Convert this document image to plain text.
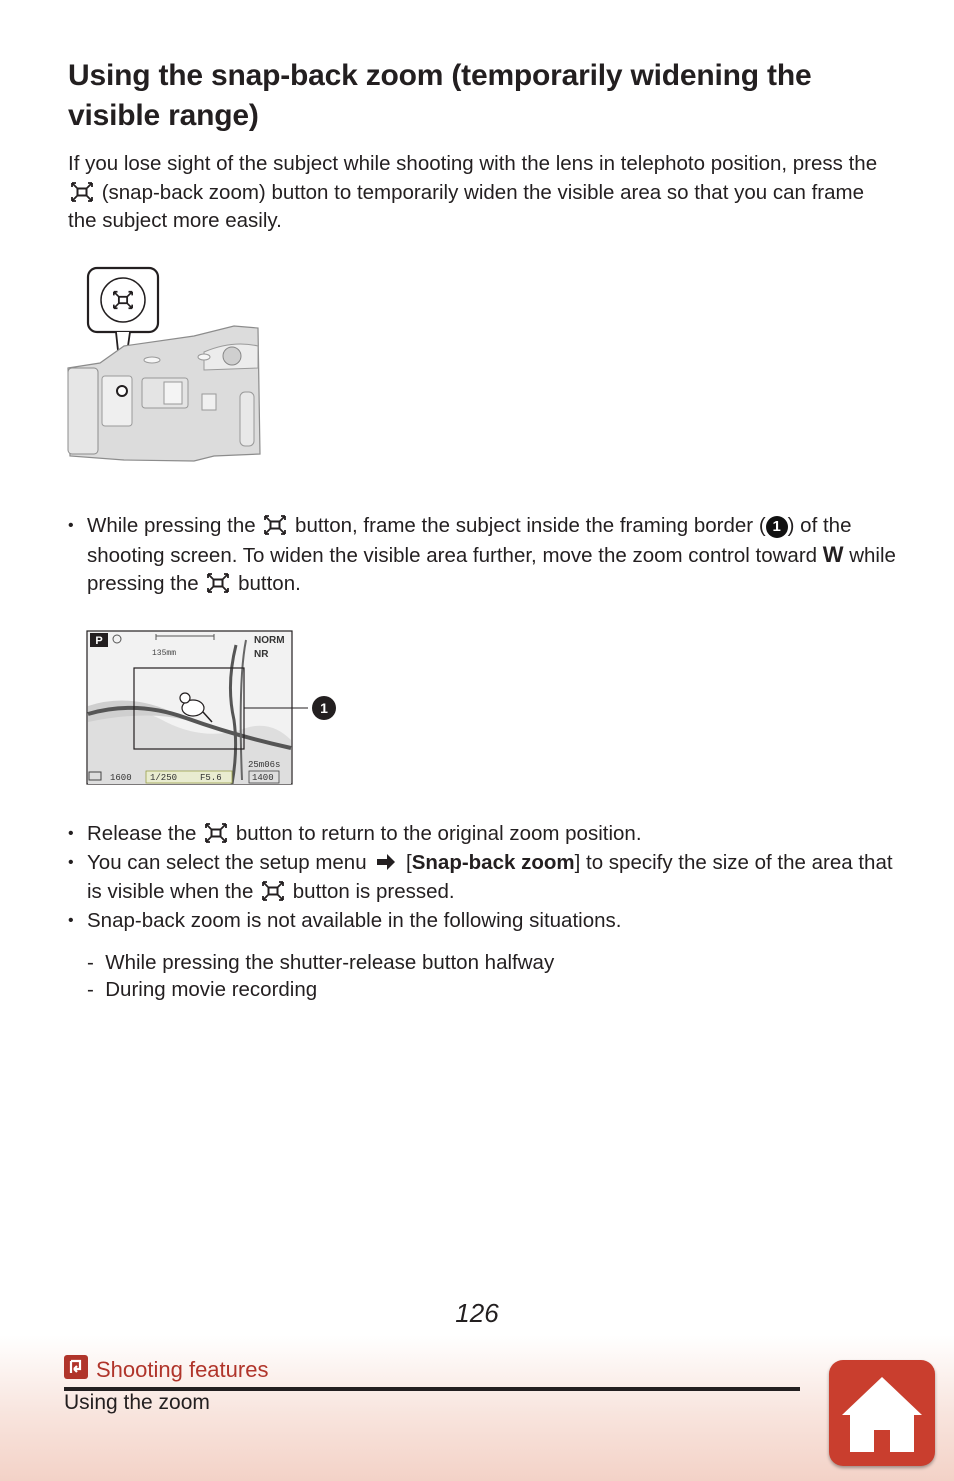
Using the snap-back zoom (temporarily widening the visible range)

If you lose sight of the subject while shooting with the lens in telephoto position, press the  (snap-back zoom) button to temporarily widen the visible area so that you can frame the subject more easily.

• While pressing the button, frame the subject inside the framing border ( 1 ) of the shooting screen. To widen the visible area further, move the zoom control toward W while pressing the button.
P
135mm
NORM
NR
25m06s
1600 1/250	F5.6	1400
1
• Release the button to return to the original zoom position.
• You can select the setup menu [Snap-back zoom] to specify the size of the area that is visible when the button is pressed.
• Snap-back zoom is not available in the following situations.
- While pressing the shutter-release button halfway
- During movie recording
126
Shooting features
Using the zoom
